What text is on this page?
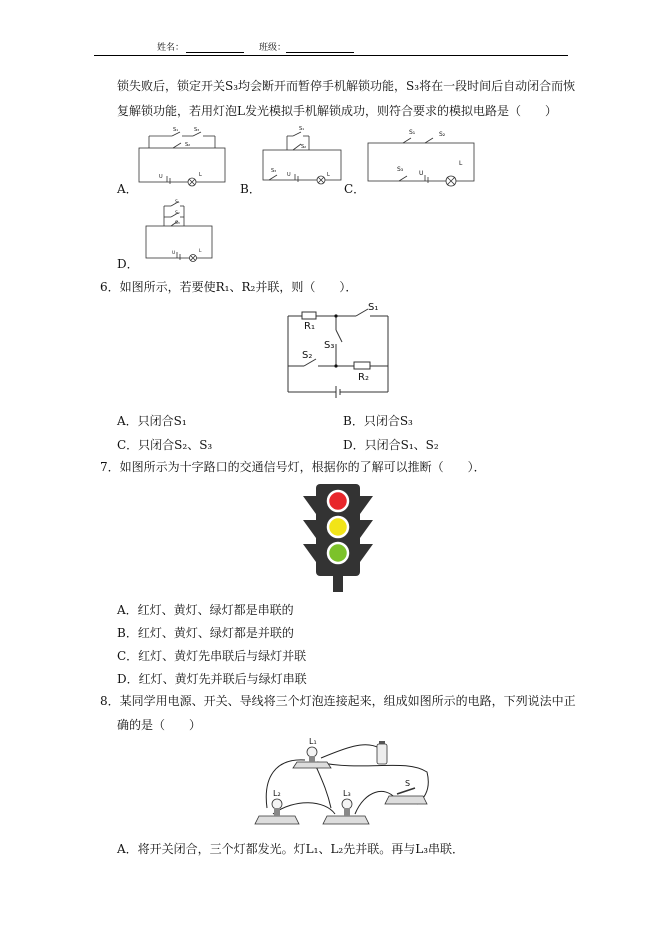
姓名：	班级：
锁失败后，锁定开关S₃均会断开而暂停手机解锁功能，S₃将在一段时间后自动闭合而恢
复解锁功能，若用灯泡L发光模拟手机解锁成功，则符合要求的模拟电路是（　　）
A．
S₁	S₃
S₂
U	L
B．
S₁
S₂
S₃
U	L
C．
S₁	S₂
S₃
U
L
S₁
S₂
S₃
U	L
D．
6．如图所示，若要使R₁、R₂并联，则（　　）．
R₁
S₁
S₃
S₂
R₂
A．只闭合S₁	B．只闭合S₃
C．只闭合S₂、S₃	D．只闭合S₁、S₂
7．如图所示为十字路口的交通信号灯，根据你的了解可以推断（　　）．
A．红灯、黄灯、绿灯都是串联的
B．红灯、黄灯、绿灯都是并联的
C．红灯、黄灯先串联后与绿灯并联
D．红灯、黄灯先并联后与绿灯串联
8．某同学用电源、开关、导线将三个灯泡连接起来，组成如图所示的电路，下列说法中正
确的是（　　）
L₁
L₂	L₃
S
A．将开关闭合，三个灯都发光。灯L₁、L₂先并联。再与L₃串联．
